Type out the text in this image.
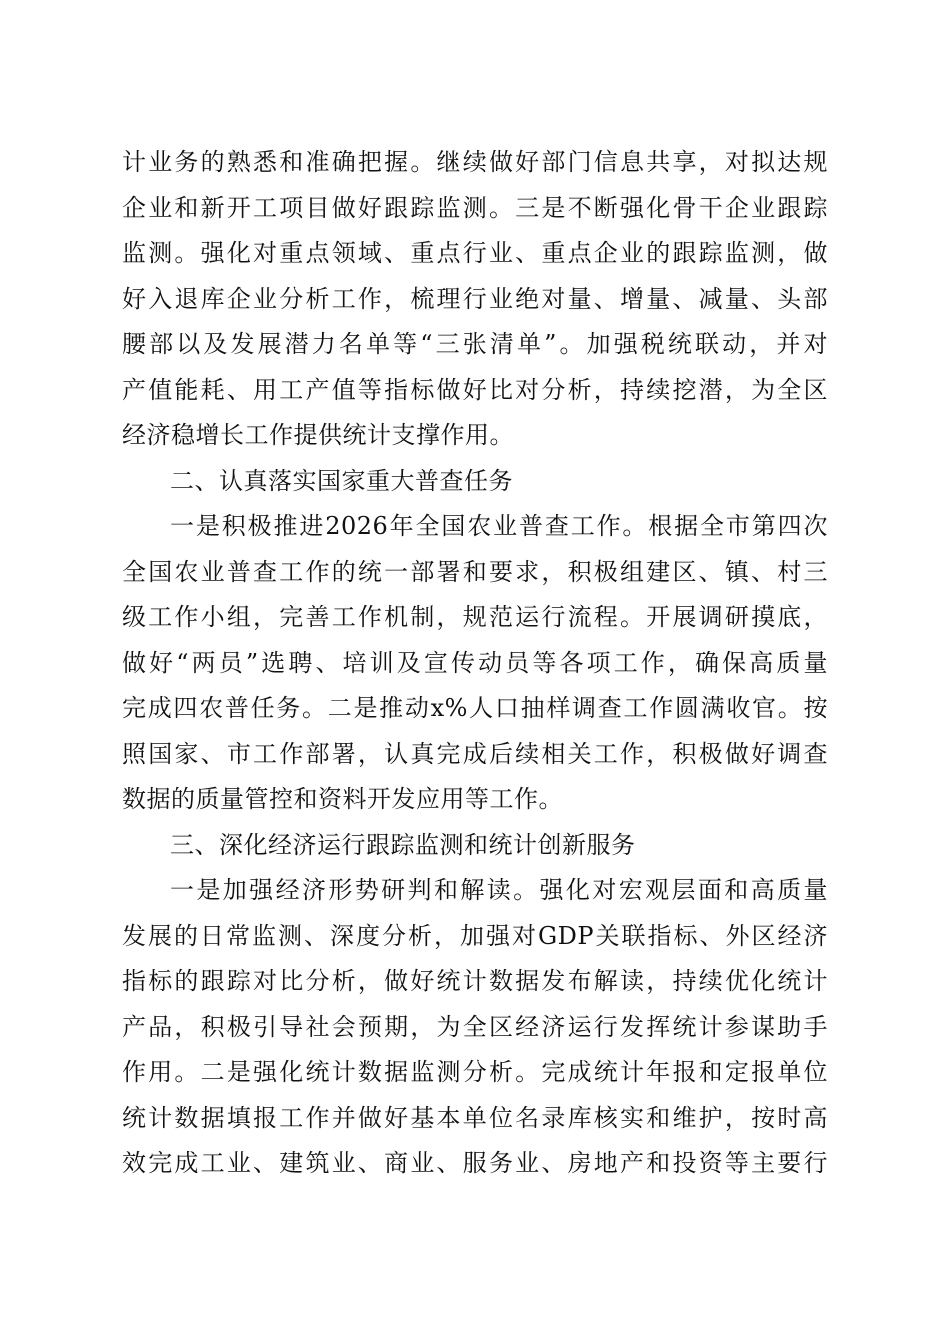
计业务的熟悉和准确把握。继续做好部门信息共享，对拟达规
企业和新开工项目做好跟踪监测。三是不断强化骨干企业跟踪
监测。强化对重点领域、重点行业、重点企业的跟踪监测，做
好入退库企业分析工作，梳理行业绝对量、增量、减量、头部
腰部以及发展潜力名单等“三张清单”。加强税统联动，并对
产值能耗、用工产值等指标做好比对分析，持续挖潜，为全区
经济稳增长工作提供统计支撑作用。
二、认真落实国家重大普查任务
一是积极推进2026年全国农业普查工作。根据全市第四次
全国农业普查工作的统一部署和要求，积极组建区、镇、村三
级工作小组，完善工作机制，规范运行流程。开展调研摸底，
做好“两员”选聘、培训及宣传动员等各项工作，确保高质量
完成四农普任务。二是推动x%人口抽样调查工作圆满收官。按
照国家、市工作部署，认真完成后续相关工作，积极做好调查
数据的质量管控和资料开发应用等工作。
三、深化经济运行跟踪监测和统计创新服务
一是加强经济形势研判和解读。强化对宏观层面和高质量
发展的日常监测、深度分析，加强对GDP关联指标、外区经济
指标的跟踪对比分析，做好统计数据发布解读，持续优化统计
产品，积极引导社会预期，为全区经济运行发挥统计参谋助手
作用。二是强化统计数据监测分析。完成统计年报和定报单位
统计数据填报工作并做好基本单位名录库核实和维护，按时高
效完成工业、建筑业、商业、服务业、房地产和投资等主要行
